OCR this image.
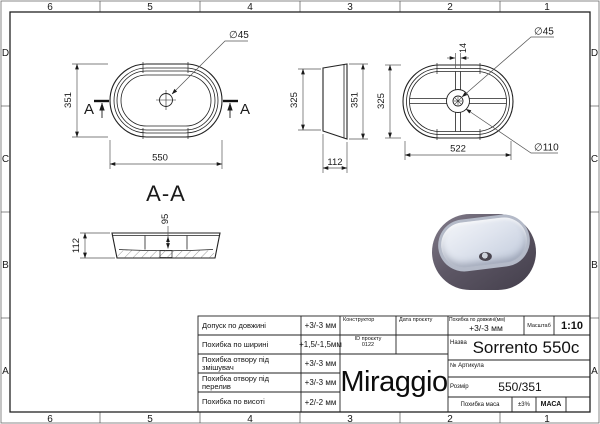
6	5	4	3	2	1
6	5	4	3	2	1
D
C
B
A
D
C
B
A
∅45
351
550
A	A
325	351
112
14
325
522
∅45
∅110
A-A
112
95
Допуск по довжині	+3/-3 мм
Похибка по ширині	+1,5/-1,5мм
Похибка отвору під змішувач	+3/-3 мм
Похибка отвору під перелив	+3/-3 мм
Похибка по висоті	+2/-2 мм
Конструктор	Дата проєкту
ID проєкту
0122
Miraggio
Похибка по довжині(мм)
+3/-3 мм	Масштаб 1:10
Назва Sorrento 550c
№ Артикула
Розмір	550/351
Похибка маса	±3%	МАСА
